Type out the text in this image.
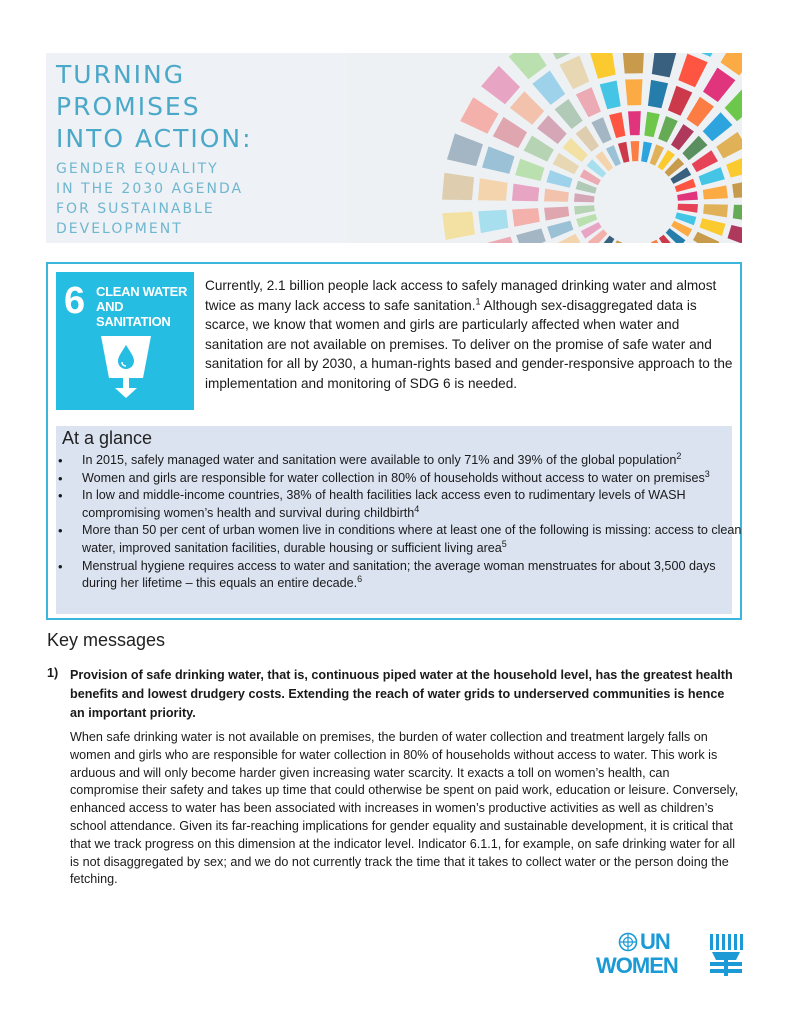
TURNING
PROMISES
INTO ACTION:

GENDER EQUALITY
IN THE 2030 AGENDA
FOR SUSTAINABLE
DEVELOPMENT

6 CLEAN WATER
AND SANITATION

Currently, 2.1 billion people lack access to safely managed drinking water and almost twice as many lack access to safe sanitation.$^1$ Although sex-disaggregated data is scarce, we know that women and girls are particularly affected when water and sanitation are not available on premises. To deliver on the promise of safe water and sanitation for all by 2030, a human-rights based and gender-responsive approach to the implementation and monitoring of SDG 6 is needed.

At a glance
• In 2015, safely managed water and sanitation were available to only 71% and 39% of the global population$^2$
• Women and girls are responsible for water collection in 80% of households without access to water on premises$^3$
• In low and middle-income countries, 38% of health facilities lack access even to rudimentary levels of WASH compromising women’s health and survival during childbirth$^4$
• More than 50 per cent of urban women live in conditions where at least one of the following is missing: access to clean water, improved sanitation facilities, durable housing or sufficient living area$^5$
• Menstrual hygiene requires access to water and sanitation; the average woman menstruates for about 3,500 days during her lifetime – this equals an entire decade.$^6$
Key messages
1) Provision of safe drinking water, that is, continuous piped water at the household level, has the greatest health benefits and lowest drudgery costs. Extending the reach of water grids to underserved communities is hence an important priority.

When safe drinking water is not available on premises, the burden of water collection and treatment largely falls on women and girls who are responsible for water collection in 80% of households without access to water. This work is arduous and will only become harder given increasing water scarcity. It exacts a toll on women’s health, can compromise their safety and takes up time that could otherwise be spent on paid work, education or leisure. Conversely, enhanced access to water has been associated with increases in women’s productive activities as well as children’s school attendance. Given its far-reaching implications for gender equality and sustainable development, it is critical that that we track progress on this dimension at the indicator level. Indicator 6.1.1, for example, on safe drinking water for all is not disaggregated by sex; and we do not currently track the time that it takes to collect water or the person doing the fetching.

UN
WOMEN
